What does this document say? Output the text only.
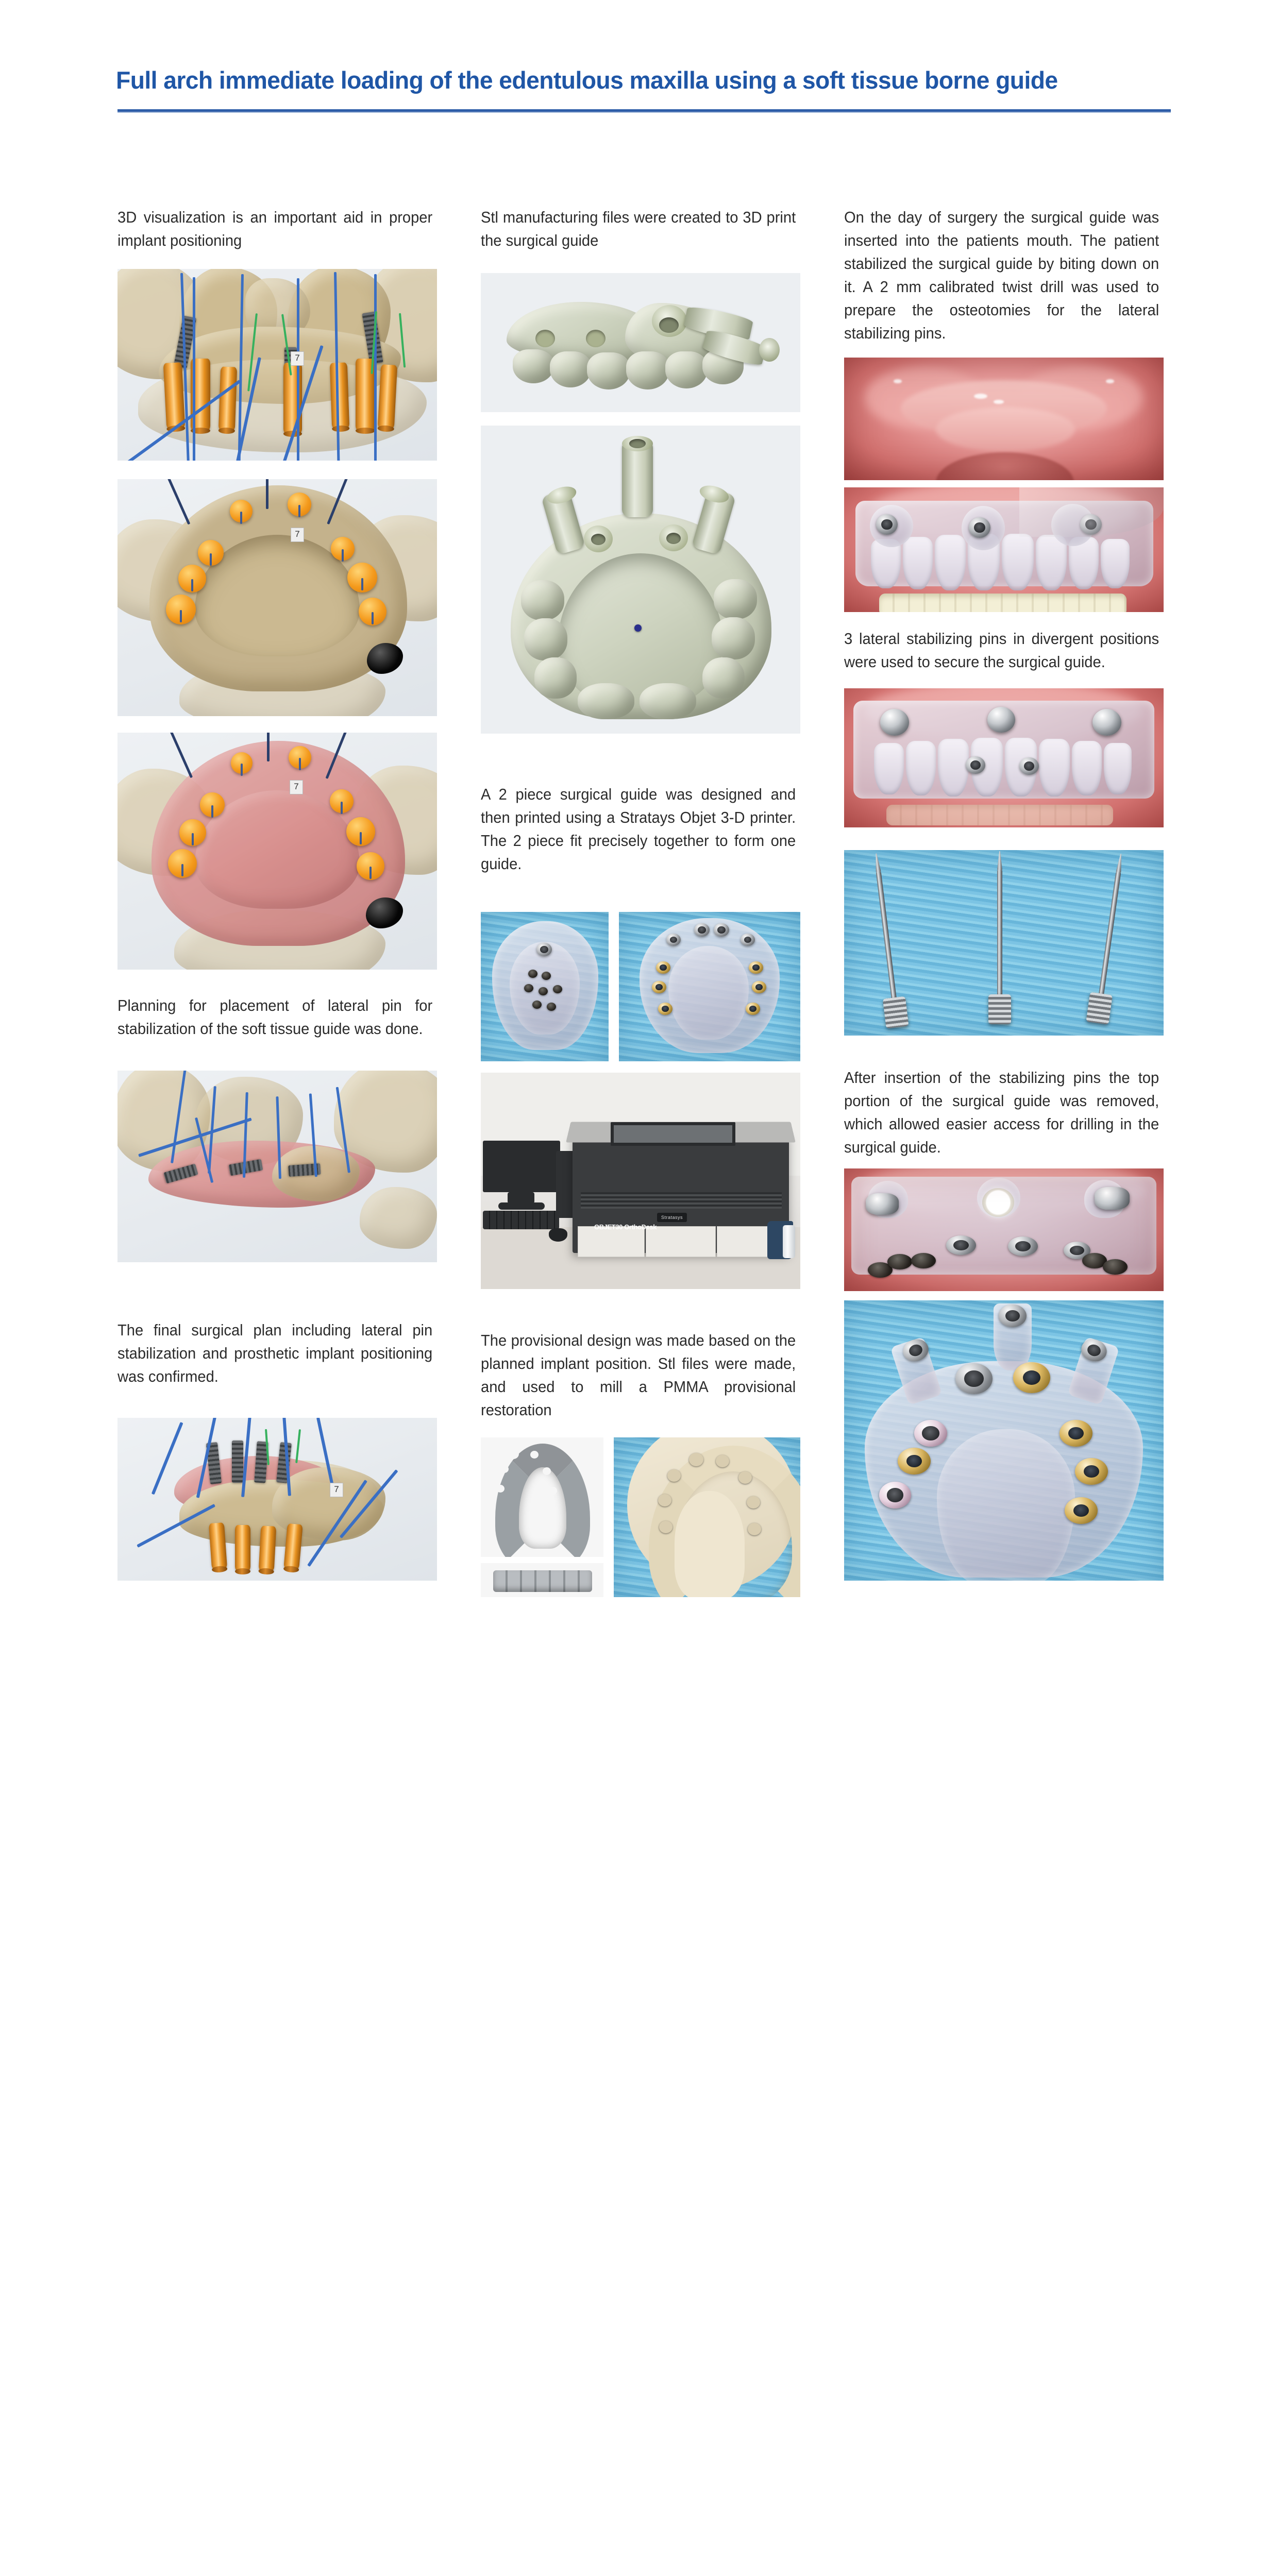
Full arch immediate loading of the edentulous maxilla using a soft tissue borne guide
3D visualization is an important aid in proper implant positioning
7
7
7
Planning for placement of lateral pin for stabilization of the soft tissue guide was done.
The final surgical plan including lateral pin stabilization and prosthetic implant positioning was confirmed.
7
Stl manufacturing files were created to 3D print the surgical guide
A 2 piece surgical guide was designed and then printed using a Stratays Objet 3-D printer. The 2 piece fit precisely together to form one guide.
Stratasys
OBJET30 OrthoDesk
The provisional design was made based on the planned implant position. Stl files were made, and used to mill a PMMA provisional restoration
On the day of surgery the surgical guide was inserted into the patients mouth. The patient stabilized the surgical guide by biting down on it. A 2 mm calibrated twist drill was used to prepare the osteotomies for the lateral stabilizing pins.
3 lateral stabilizing pins in divergent positions were used to secure the surgical guide.
After insertion of the stabilizing pins the top portion of the surgical guide was removed, which allowed easier access for drilling in the surgical guide.
